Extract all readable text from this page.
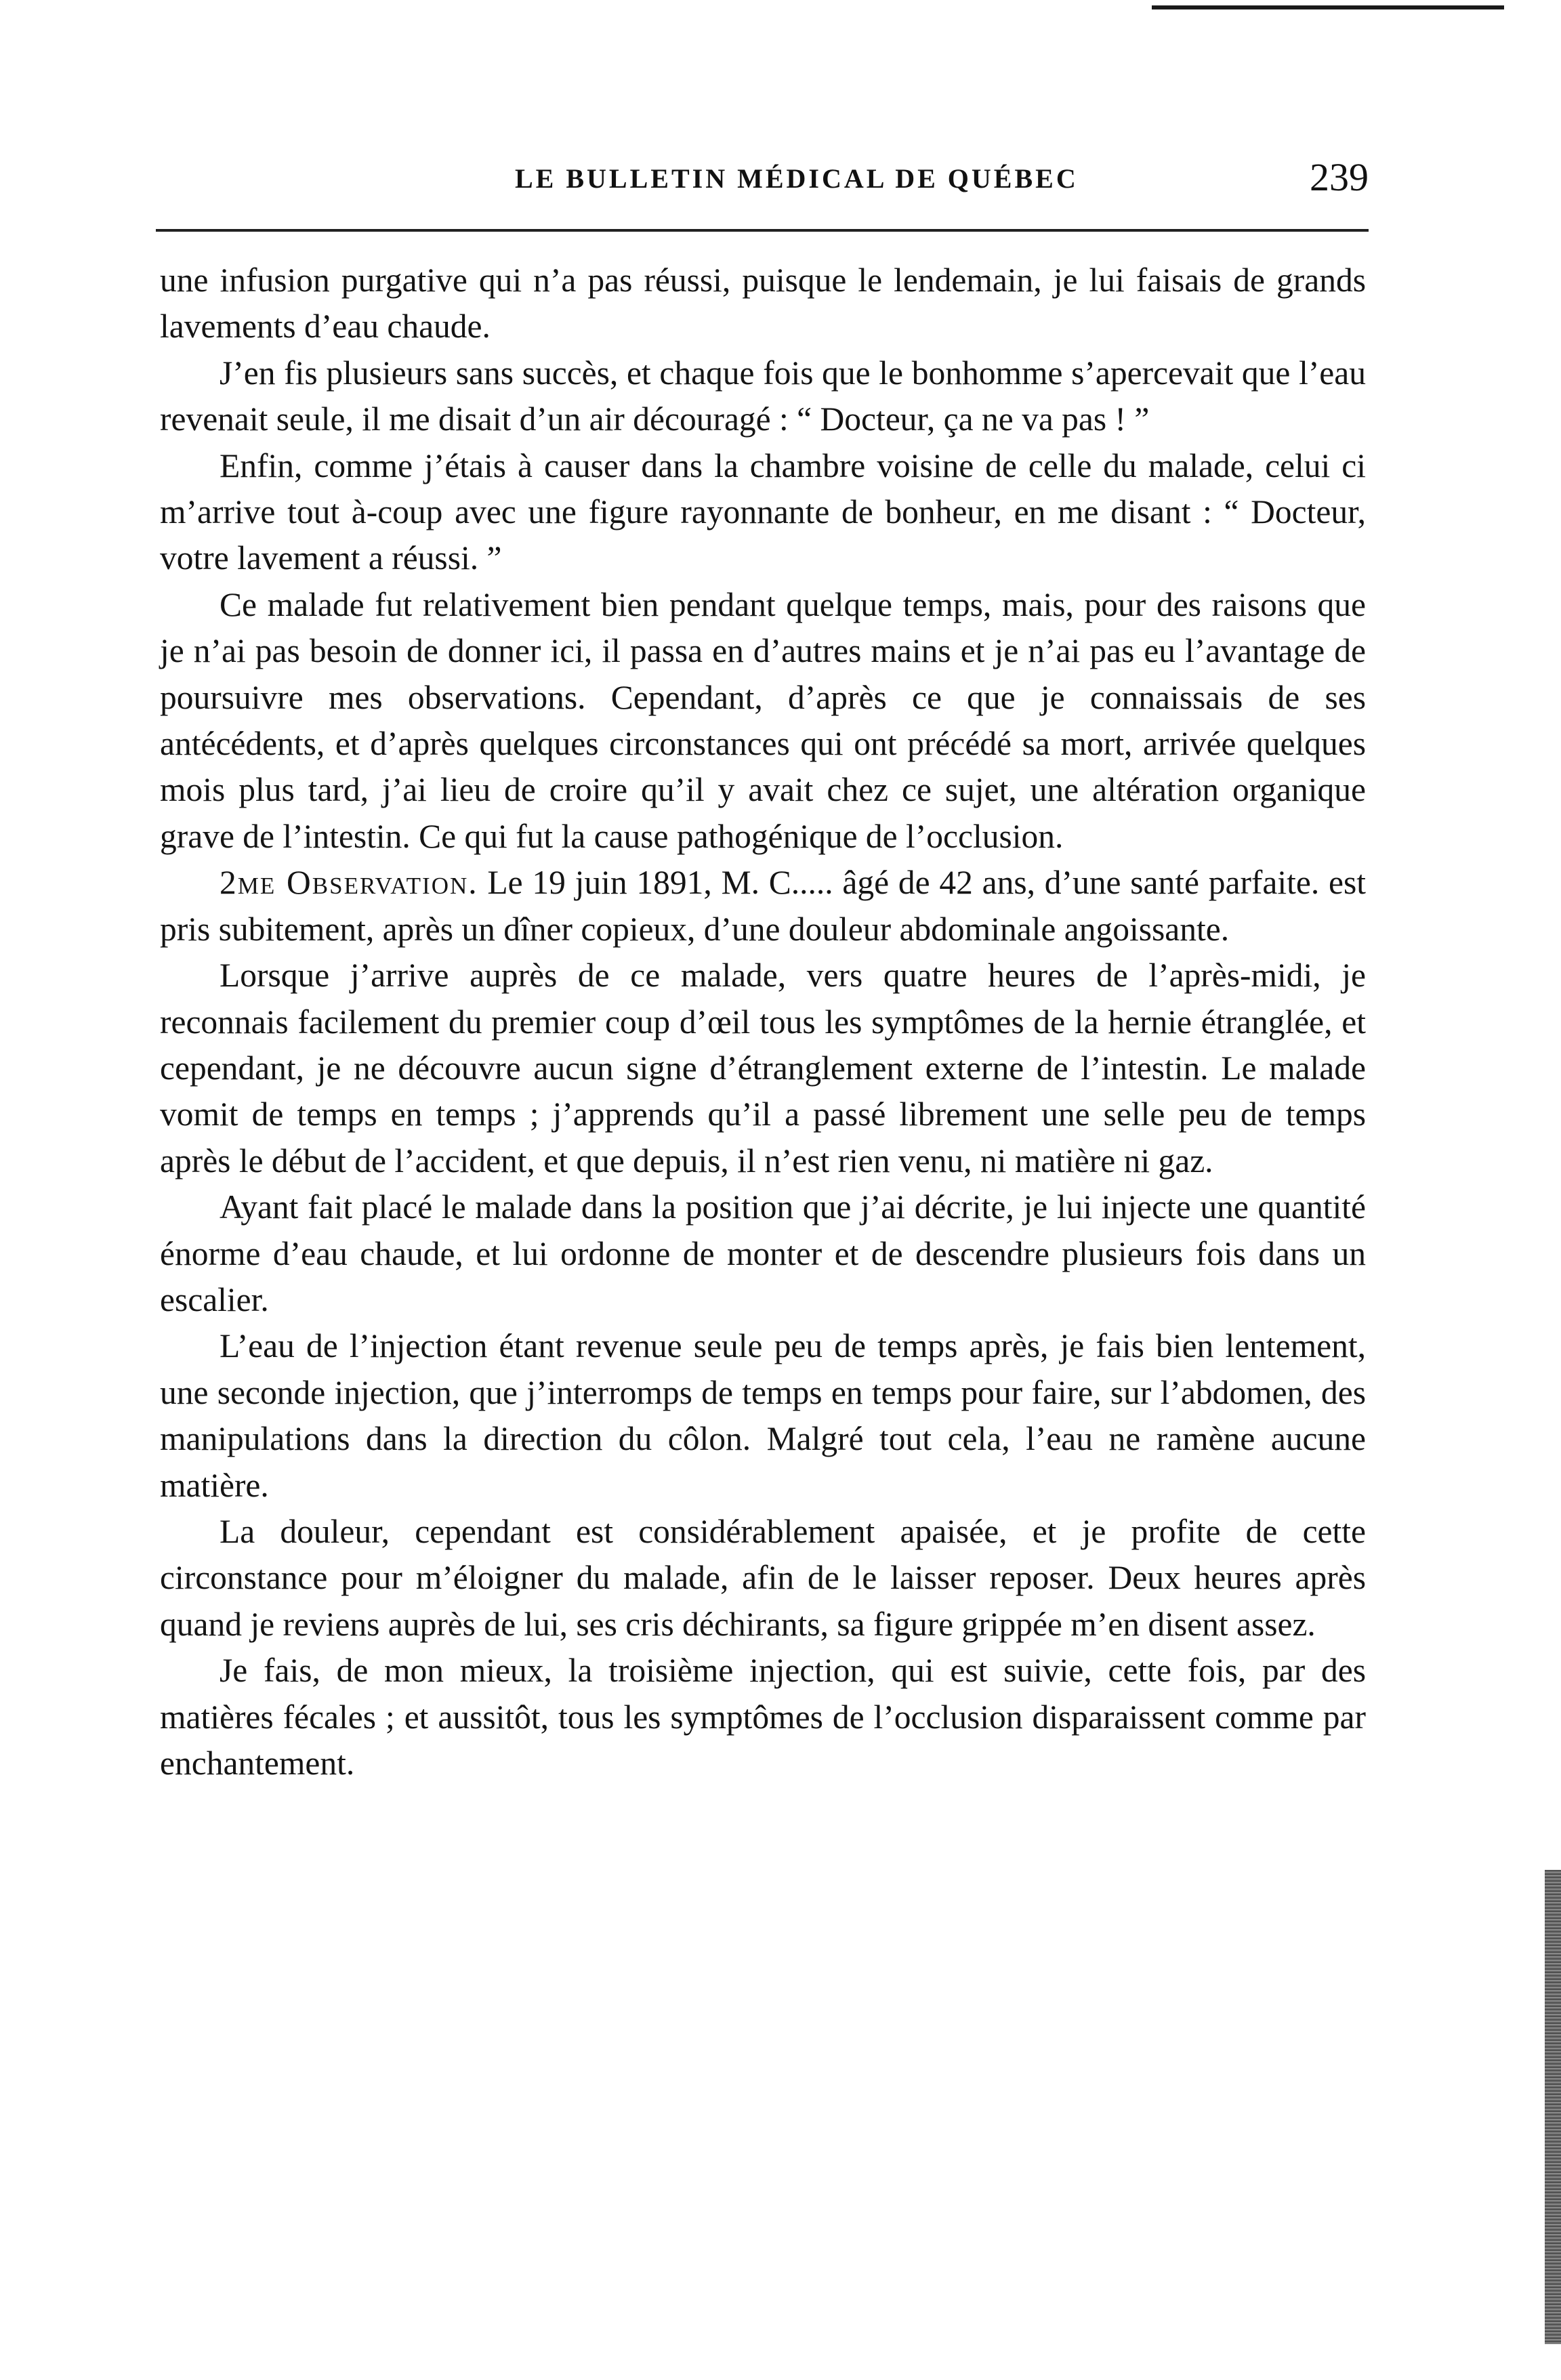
LE BULLETIN MÉDICAL DE QUÉBEC	239

une infusion purgative qui n’a pas réussi, puisque le lendemain, je lui faisais de grands lavements d’eau chaude.

J’en fis plusieurs sans succès, et chaque fois que le bonhomme s’apercevait que l’eau revenait seule, il me disait d’un air découragé : “ Docteur, ça ne va pas ! ”

Enfin, comme j’étais à causer dans la chambre voisine de celle du malade, celui ci m’arrive tout à-coup avec une figure rayonnante de bonheur, en me disant : “ Docteur, votre lavement a réussi. ”

Ce malade fut relativement bien pendant quelque temps, mais, pour des raisons que je n’ai pas besoin de donner ici, il passa en d’autres mains et je n’ai pas eu l’avantage de poursuivre mes observations. Cependant, d’après ce que je connaissais de ses antécédents, et d’après quelques circonstances qui ont précédé sa mort, arrivée quelques mois plus tard, j’ai lieu de croire qu’il y avait chez ce sujet, une altération organique grave de l’intestin. Ce qui fut la cause pathogénique de l’occlusion.

2me Observation. Le 19 juin 1891, M. C..... âgé de 42 ans, d’une santé parfaite. est pris subitement, après un dîner copieux, d’une douleur abdominale angoissante.

Lorsque j’arrive auprès de ce malade, vers quatre heures de l’après-midi, je reconnais facilement du premier coup d’œil tous les symptômes de la hernie étranglée, et cependant, je ne découvre aucun signe d’étranglement externe de l’intestin. Le malade vomit de temps en temps ; j’apprends qu’il a passé librement une selle peu de temps après le début de l’accident, et que depuis, il n’est rien venu, ni matière ni gaz.

Ayant fait placé le malade dans la position que j’ai décrite, je lui injecte une quantité énorme d’eau chaude, et lui ordonne de monter et de descendre plusieurs fois dans un escalier.

L’eau de l’injection étant revenue seule peu de temps après, je fais bien lentement, une seconde injection, que j’interromps de temps en temps pour faire, sur l’abdomen, des manipulations dans la direction du côlon. Malgré tout cela, l’eau ne ramène aucune matière.

La douleur, cependant est considérablement apaisée, et je profite de cette circonstance pour m’éloigner du malade, afin de le laisser reposer. Deux heures après quand je reviens auprès de lui, ses cris déchirants, sa figure grippée m’en disent assez.

Je fais, de mon mieux, la troisième injection, qui est suivie, cette fois, par des matières fécales ; et aussitôt, tous les symptômes de l’occlusion disparaissent comme par enchantement.
